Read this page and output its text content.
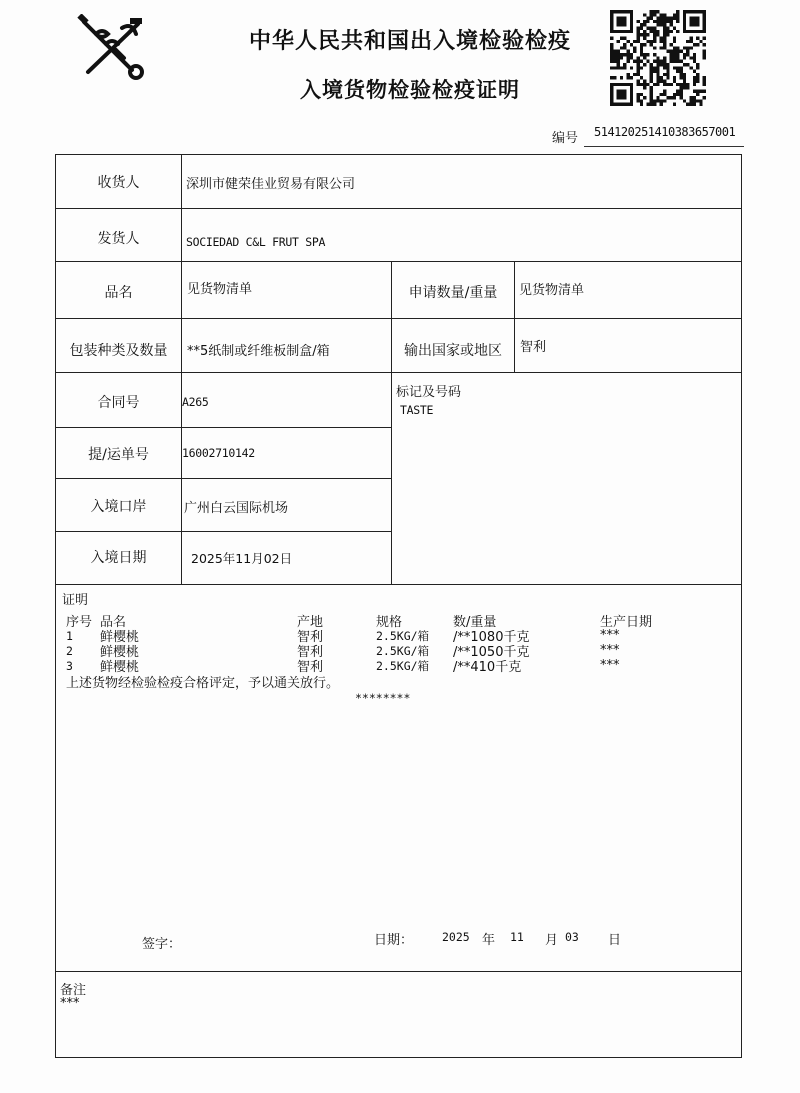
中华人民共和国出入境检验检疫
入境货物检验检疫证明
编号 514120251410383657001
收货人	深圳市健荣佳业贸易有限公司
发货人	SOCIEDAD C&L FRUT SPA
品名	见货物清单	申请数量/重量	见货物清单
包装种类及数量	**5纸制或纤维板制盒/箱	输出国家或地区	智利
合同号	A265
标记及号码
TASTE
提/运单号	16002710142
入境口岸	广州白云国际机场
入境日期	2025年11月02日
证明
序号 品名	产地	规格	数/重量	生产日期
1 鲜樱桃	智利	2.5KG/箱 /**1080千克	***
2 鲜樱桃	智利	2.5KG/箱 /**1050千克	***
3 鲜樱桃	智利	2.5KG/箱 /**410千克	***
上述货物经检验检疫合格评定，予以通关放行。
********
签字：	日期：	2025 年 11 月 03 日
备注
***
